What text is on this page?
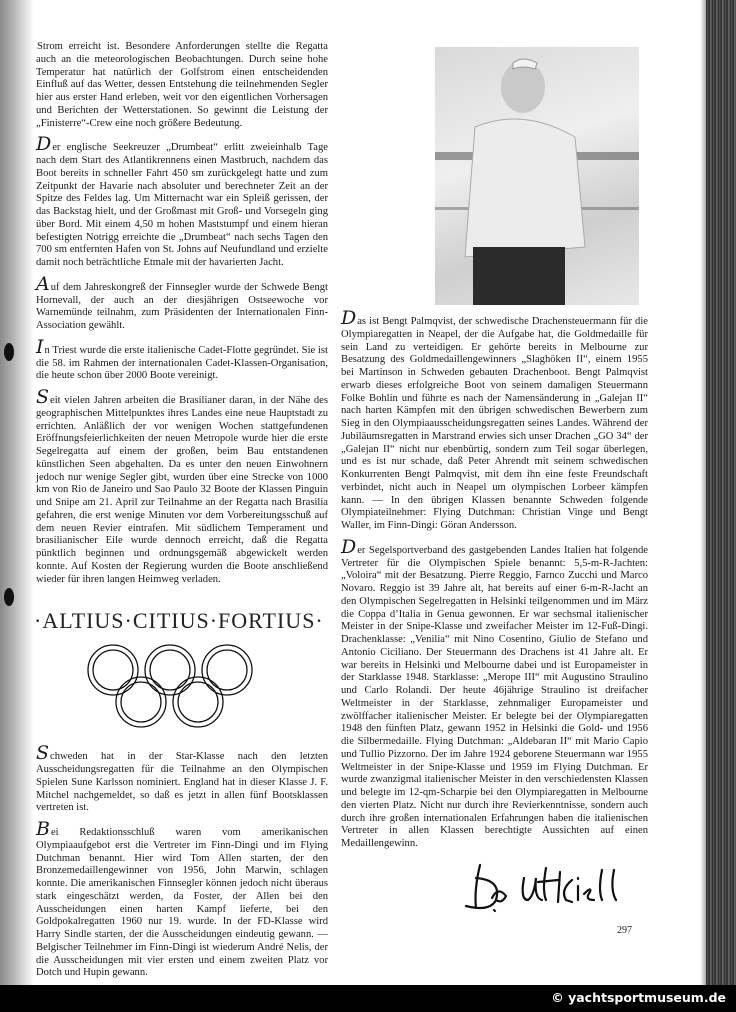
Strom erreicht ist. Besondere Anforderungen stellte die Regatta auch an die meteorologischen Beobachtungen. Durch seine hohe Temperatur hat natürlich der Golfstrom einen entscheidenden Einfluß auf das Wetter, dessen Entstehung die teilnehmenden Segler hier aus erster Hand erleben, weit vor den eigentlichen Vorhersagen und Berichten der Wetterstationen. So gewinnt die Leistung der „Finisterre“-Crew eine noch größere Bedeutung.

Der englische Seekreuzer „Drumbeat“ erlitt zweieinhalb Tage nach dem Start des Atlantikrennens einen Mastbruch, nachdem das Boot bereits in schneller Fahrt 450 sm zurückgelegt hatte und zum Zeitpunkt der Havarie nach absoluter und berechneter Zeit an der Spitze des Feldes lag. Um Mitternacht war ein Spleiß gerissen, der das Backstag hielt, und der Großmast mit Groß- und Vorsegeln ging über Bord. Mit einem 4,50 m hohen Maststumpf und einem hieran befestigten Notrigg erreichte die „Drumbeat“ nach sechs Tagen den 700 sm entfernten Hafen von St. Johns auf Neufundland und erzielte damit noch beträchtliche Etmale mit der havarierten Jacht.

Auf dem Jahreskongreß der Finnsegler wurde der Schwede Bengt Hornevall, der auch an der diesjährigen Ostseewoche vor Warnemünde teilnahm, zum Präsidenten der Internationalen Finn-Association gewählt.

In Triest wurde die erste italienische Cadet-Flotte gegründet. Sie ist die 58. im Rahmen der internationalen Cadet-Klassen-Organisation, die heute schon über 2000 Boote vereinigt.

Seit vielen Jahren arbeiten die Brasilianer daran, in der Nähe des geographischen Mittelpunktes ihres Landes eine neue Hauptstadt zu errichten. Anläßlich der vor wenigen Wochen stattgefundenen Eröffnungsfeierlichkeiten der neuen Metropole wurde hier die erste Segelregatta auf einem der großen, beim Bau entstandenen künstlichen Seen abgehalten. Da es unter den neuen Einwohnern jedoch nur wenige Segler gibt, wurden über eine Strecke von 1000 km von Rio de Janeiro und Sao Paulo 32 Boote der Klassen Pinguin und Snipe am 21. April zur Teilnahme an der Regatta nach Brasilia gefahren, die erst wenige Minuten vor dem Vorbereitungsschuß auf dem neuen Revier eintrafen. Mit südlichem Temperament und brasilianischer Eile wurde dennoch erreicht, daß die Regatta pünktlich beginnen und ordnungsgemäß abgewickelt werden konnte. Auf Kosten der Regierung wurden die Boote anschließend wieder für ihren langen Heimweg verladen.

·ALTIUS·CITIUS·FORTIUS·

Schweden hat in der Star-Klasse nach den letzten Ausscheidungsregatten für die Teilnahme an den Olympischen Spielen Sune Karlsson nominiert. England hat in dieser Klasse J. F. Mitchel nachgemeldet, so daß es jetzt in allen fünf Bootsklassen vertreten ist.

Bei Redaktionsschluß waren vom amerikanischen Olympiaaufgebot erst die Vertreter im Finn-Dingi und im Flying Dutchman benannt. Hier wird Tom Allen starten, der den Bronzemedaillengewinner von 1956, John Marwin, schlagen konnte. Die amerikanischen Finnsegler können jedoch nicht überaus stark eingeschätzt werden, da Foster, der Allen bei den Ausscheidungen einen harten Kampf lieferte, bei den Goldpokalregatten 1960 nur 19. wurde. In der FD-Klasse wird Harry Sindle starten, der die Ausscheidungen eindeutig gewann. — Belgischer Teilnehmer im Finn-Dingi ist wiederum André Nelis, der die Ausscheidungen mit vier ersten und einem zweiten Platz vor Dotch und Hupin gewann.

Das ist Bengt Palmqvist, der schwedische Drachensteuermann für die Olympiaregatten in Neapel, der die Aufgabe hat, die Goldmedaille für sein Land zu verteidigen. Er gehörte bereits in Melbourne zur Besatzung des Goldmedaillengewinners „Slaghöken II“, einem 1955 bei Martinson in Schweden gebauten Drachenboot. Bengt Palmqvist erwarb dieses erfolgreiche Boot von seinem damaligen Steuermann Folke Bohlin und führte es nach der Namensänderung in „Galejan II“ nach harten Kämpfen mit den übrigen schwedischen Bewerbern zum Sieg in den Olympiaausscheidungsregatten seines Landes. Während der Jubiläumsregatten in Marstrand erwies sich unser Drachen „GO 34“ der „Galejan II“ nicht nur ebenbürtig, sondern zum Teil sogar überlegen, und es ist nur schade, daß Peter Ahrendt mit seinem schwedischen Konkurrenten Bengt Palmqvist, mit dem ihn eine feste Freundschaft verbindet, nicht auch in Neapel um olympischen Lorbeer kämpfen kann. — In den übrigen Klassen benannte Schweden folgende Olympiateilnehmer: Flying Dutchman: Christian Vinge und Bengt Waller, im Finn-Dingi: Göran Andersson.

Der Segelsportverband des gastgebenden Landes Italien hat folgende Vertreter für die Olympischen Spiele benannt: 5,5-m-R-Jachten: „Voloira“ mit der Besatzung. Pierre Reggio, Farnco Zucchi und Marco Novaro. Reggio ist 39 Jahre alt, hat bereits auf einer 6-m-R-Jacht an den Olympischen Segelregatten in Helsinki teilgenommen und im März die Coppa d’Italia in Genua gewonnen. Er war sechsmal italienischer Meister in der Snipe-Klasse und zweifacher Meister im 12-Fuß-Dingi. Drachenklasse: „Venilia“ mit Nino Cosentino, Giulio de Stefano und Antonio Ciciliano. Der Steuermann des Drachens ist 41 Jahre alt. Er war bereits in Helsinki und Melbourne dabei und ist Europameister in der Starklasse 1948. Starklasse: „Merope III“ mit Augustino Straulino und Carlo Rolandi. Der heute 46jährige Straulino ist dreifacher Weltmeister in der Starklasse, zehnmaliger Europameister und zwölffacher italienischer Meister. Er belegte bei der Olympiaregatten 1948 den fünften Platz, gewann 1952 in Helsinki die Gold- und 1956 die Silbermedaille. Flying Dutchman: „Aldebaran II“ mit Mario Capio und Tullio Pizzorno. Der im Jahre 1924 geborene Steuermann war 1955 Weltmeister in der Snipe-Klasse und 1959 im Flying Dutchman. Er wurde zwanzigmal italienischer Meister in den verschiedensten Klassen und belegte im 12-qm-Scharpie bei den Olympiaregatten in Melbourne den vierten Platz. Nicht nur durch ihre Revierkenntnisse, sondern auch durch ihre großen internationalen Erfahrungen haben die italienischen Vertreter in allen Klassen berechtigte Aussichten auf einen Medaillengewinn.

297
© yachtsportmuseum.de
